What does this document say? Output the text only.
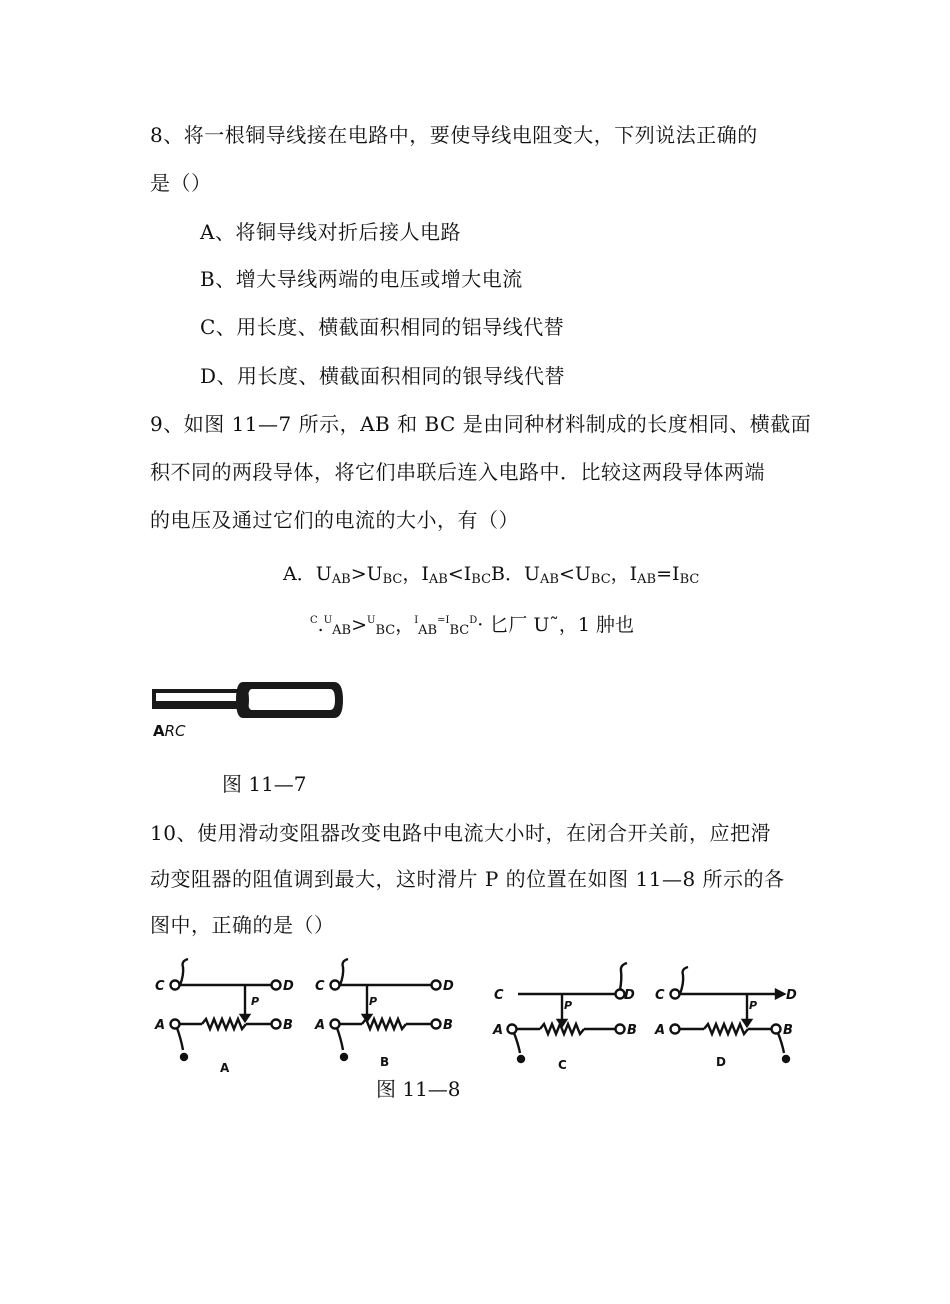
8、将一根铜导线接在电路中，要使导线电阻变大，下列说法正确的
是（）
A、将铜导线对折后接人电路
B、增大导线两端的电压或增大电流
C、用长度、横截面积相同的铝导线代替
D、用长度、横截面积相同的银导线代替
9、如图 11—7 所示，AB 和 BC 是由同种材料制成的长度相同、横截面
积不同的两段导体，将它们串联后连入电路中．比较这两段导体两端
的电压及通过它们的电流的大小，有（）
A．$U_{AB}>U_{BC}$，$I_{AB}<I_{BC}B$．$U_{AB}<U_{BC}$，$I_{AB}=I_{BC}$
$^C$.$^U_{AB}$>$^U_{BC}$，$^I_{AB}^{=I}_{BC}^D$· 匕厂 U˜，1 肿也
ARC
图 11—7
10、使用滑动变阻器改变电路中电流大小时，在闭合开关前，应把滑
动变阻器的阻值调到最大，这时滑片 P 的位置在如图 11—8 所示的各
图中，正确的是（）
C	D
A	B
P
A
C	D
A	B
P
B
C	D
A	B
P
C
C	D
A	B
P
D
图 11—8
